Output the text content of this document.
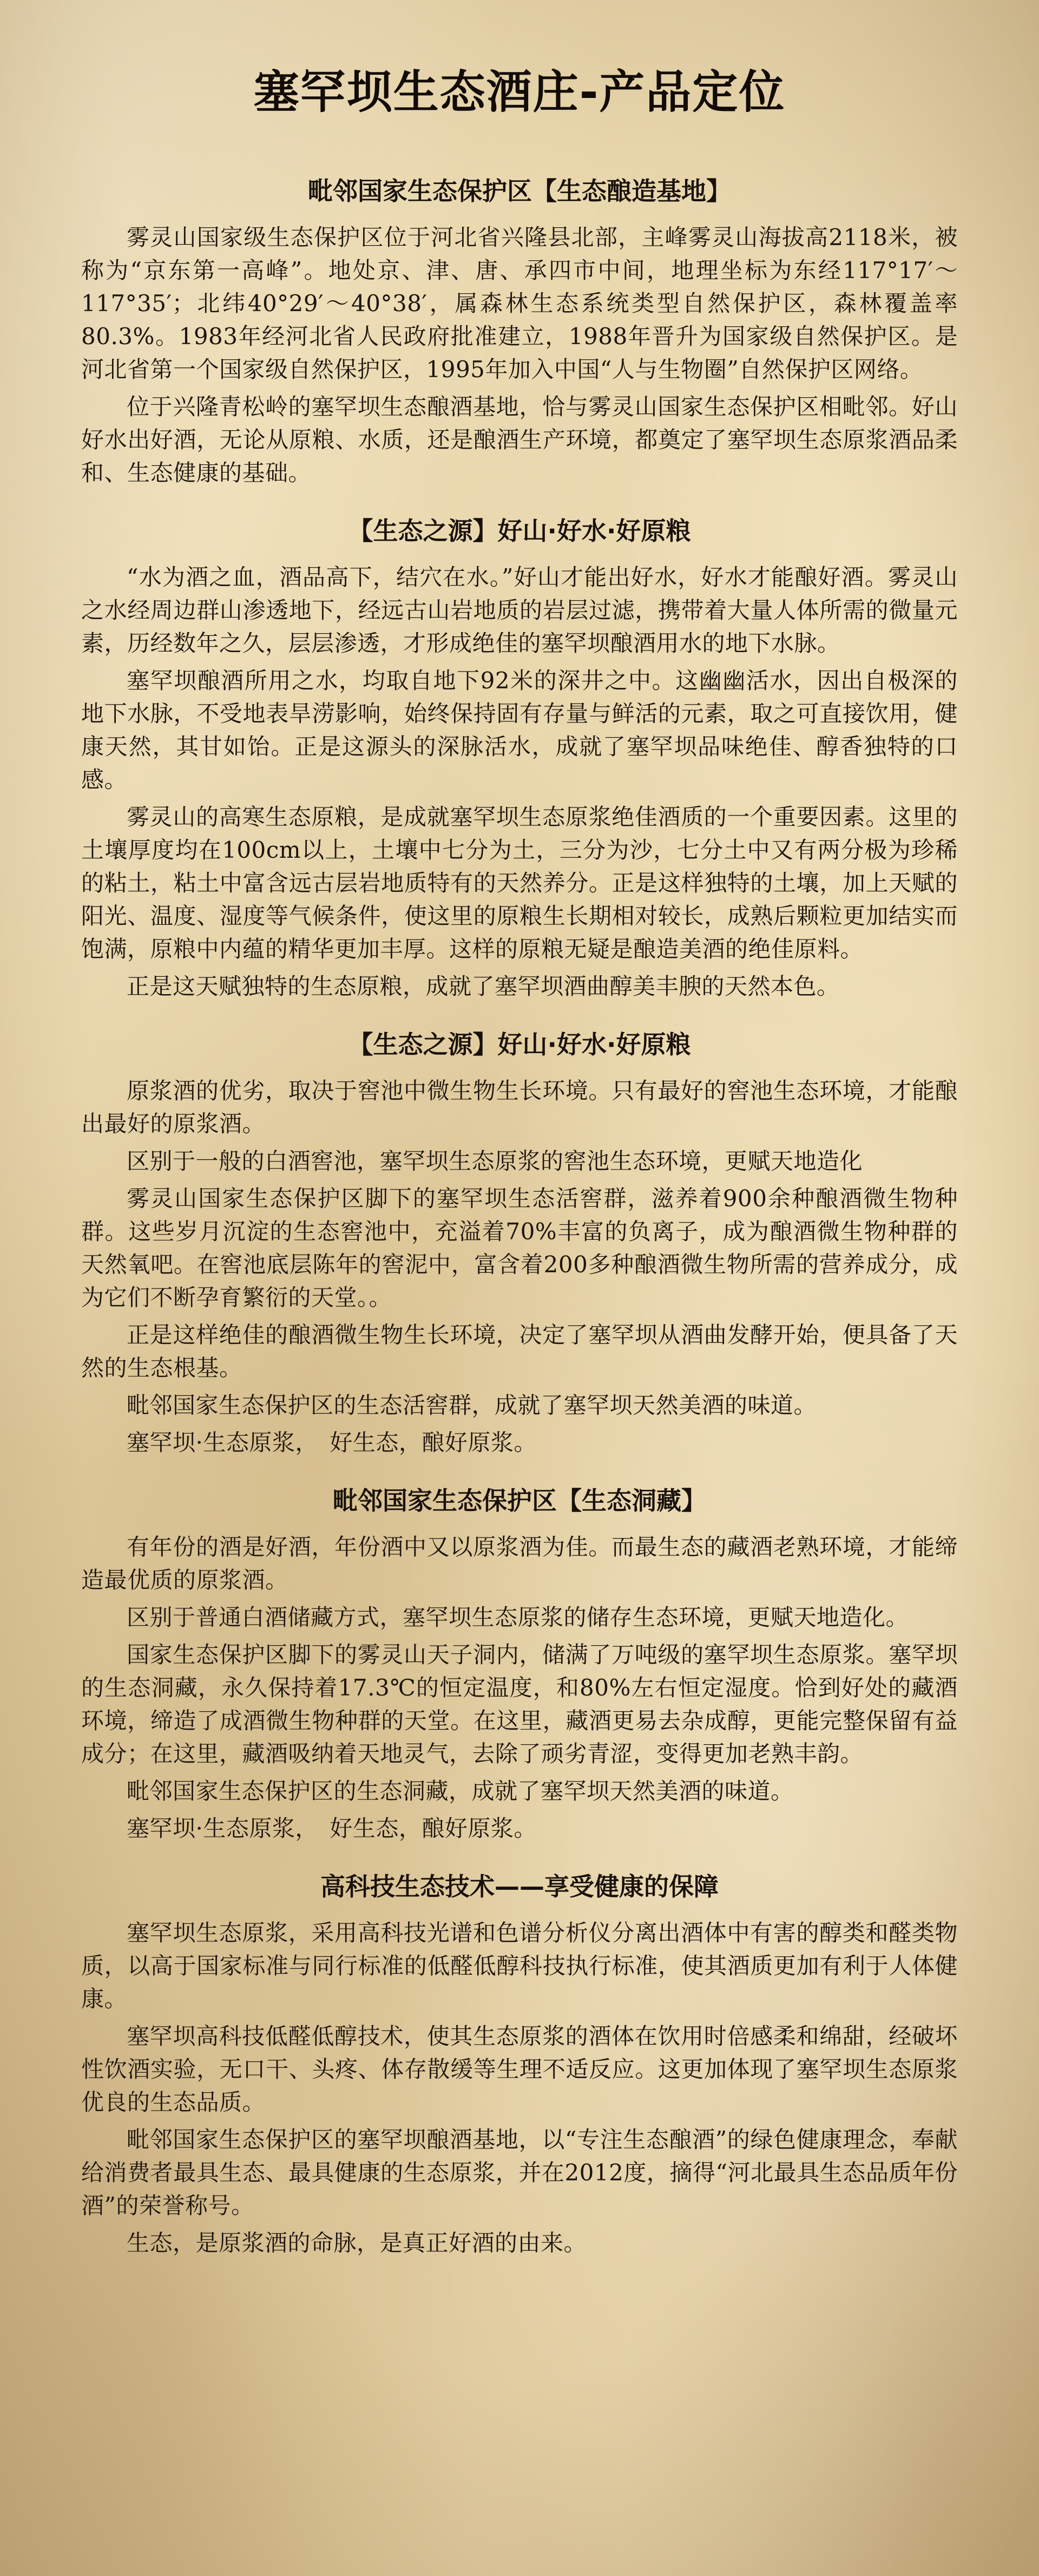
塞罕坝生态酒庄-产品定位
毗邻国家生态保护区【生态酿造基地】

雾灵山国家级生态保护区位于河北省兴隆县北部，主峰雾灵山海拔高2118米，被称为“京东第一高峰”。地处京、津、唐、承四市中间，地理坐标为东经117°17′～117°35′；北纬40°29′～40°38′，属森林生态系统类型自然保护区，森林覆盖率80.3%。1983年经河北省人民政府批准建立，1988年晋升为国家级自然保护区。是河北省第一个国家级自然保护区，1995年加入中国“人与生物圈”自然保护区网络。

位于兴隆青松岭的塞罕坝生态酿酒基地，恰与雾灵山国家生态保护区相毗邻。好山好水出好酒，无论从原粮、水质，还是酿酒生产环境，都奠定了塞罕坝生态原浆酒品柔和、生态健康的基础。

【生态之源】好山·好水·好原粮

“水为酒之血，酒品高下，结穴在水。”好山才能出好水，好水才能酿好酒。雾灵山之水经周边群山渗透地下，经远古山岩地质的岩层过滤，携带着大量人体所需的微量元素，历经数年之久，层层渗透，才形成绝佳的塞罕坝酿酒用水的地下水脉。

塞罕坝酿酒所用之水，均取自地下92米的深井之中。这幽幽活水，因出自极深的地下水脉，不受地表旱涝影响，始终保持固有存量与鲜活的元素，取之可直接饮用，健康天然，其甘如饴。正是这源头的深脉活水，成就了塞罕坝品味绝佳、醇香独特的口感。

雾灵山的高寒生态原粮，是成就塞罕坝生态原浆绝佳酒质的一个重要因素。这里的土壤厚度均在100cm以上，土壤中七分为土，三分为沙，七分土中又有两分极为珍稀的粘土，粘土中富含远古层岩地质特有的天然养分。正是这样独特的土壤，加上天赋的阳光、温度、湿度等气候条件，使这里的原粮生长期相对较长，成熟后颗粒更加结实而饱满，原粮中内蕴的精华更加丰厚。这样的原粮无疑是酿造美酒的绝佳原料。

正是这天赋独特的生态原粮，成就了塞罕坝酒曲醇美丰腴的天然本色。

【生态之源】好山·好水·好原粮

原浆酒的优劣，取决于窖池中微生物生长环境。只有最好的窖池生态环境，才能酿出最好的原浆酒。

区别于一般的白酒窖池，塞罕坝生态原浆的窖池生态环境，更赋天地造化

雾灵山国家生态保护区脚下的塞罕坝生态活窖群，滋养着900余种酿酒微生物种群。这些岁月沉淀的生态窖池中，充溢着70%丰富的负离子，成为酿酒微生物种群的天然氧吧。在窖池底层陈年的窖泥中，富含着200多种酿酒微生物所需的营养成分，成为它们不断孕育繁衍的天堂。。

正是这样绝佳的酿酒微生物生长环境，决定了塞罕坝从酒曲发酵开始，便具备了天然的生态根基。

毗邻国家生态保护区的生态活窖群，成就了塞罕坝天然美酒的味道。

塞罕坝·生态原浆，　好生态，酿好原浆。

毗邻国家生态保护区【生态洞藏】

有年份的酒是好酒，年份酒中又以原浆酒为佳。而最生态的藏酒老熟环境，才能缔造最优质的原浆酒。

区别于普通白酒储藏方式，塞罕坝生态原浆的储存生态环境，更赋天地造化。

国家生态保护区脚下的雾灵山天子洞内，储满了万吨级的塞罕坝生态原浆。塞罕坝的生态洞藏，永久保持着17.3℃的恒定温度，和80%左右恒定湿度。恰到好处的藏酒环境，缔造了成酒微生物种群的天堂。在这里，藏酒更易去杂成醇，更能完整保留有益成分；在这里，藏酒吸纳着天地灵气，去除了顽劣青涩，变得更加老熟丰韵。

毗邻国家生态保护区的生态洞藏，成就了塞罕坝天然美酒的味道。

塞罕坝·生态原浆，　好生态，酿好原浆。

高科技生态技术——享受健康的保障

塞罕坝生态原浆，采用高科技光谱和色谱分析仪分离出酒体中有害的醇类和醛类物质，以高于国家标准与同行标准的低醛低醇科技执行标准，使其酒质更加有利于人体健康。

塞罕坝高科技低醛低醇技术，使其生态原浆的酒体在饮用时倍感柔和绵甜，经破坏性饮酒实验，无口干、头疼、体存散缓等生理不适反应。这更加体现了塞罕坝生态原浆优良的生态品质。

毗邻国家生态保护区的塞罕坝酿酒基地，以“专注生态酿酒”的绿色健康理念，奉献给消费者最具生态、最具健康的生态原浆，并在2012度，摘得“河北最具生态品质年份酒”的荣誉称号。

生态，是原浆酒的命脉，是真正好酒的由来。
